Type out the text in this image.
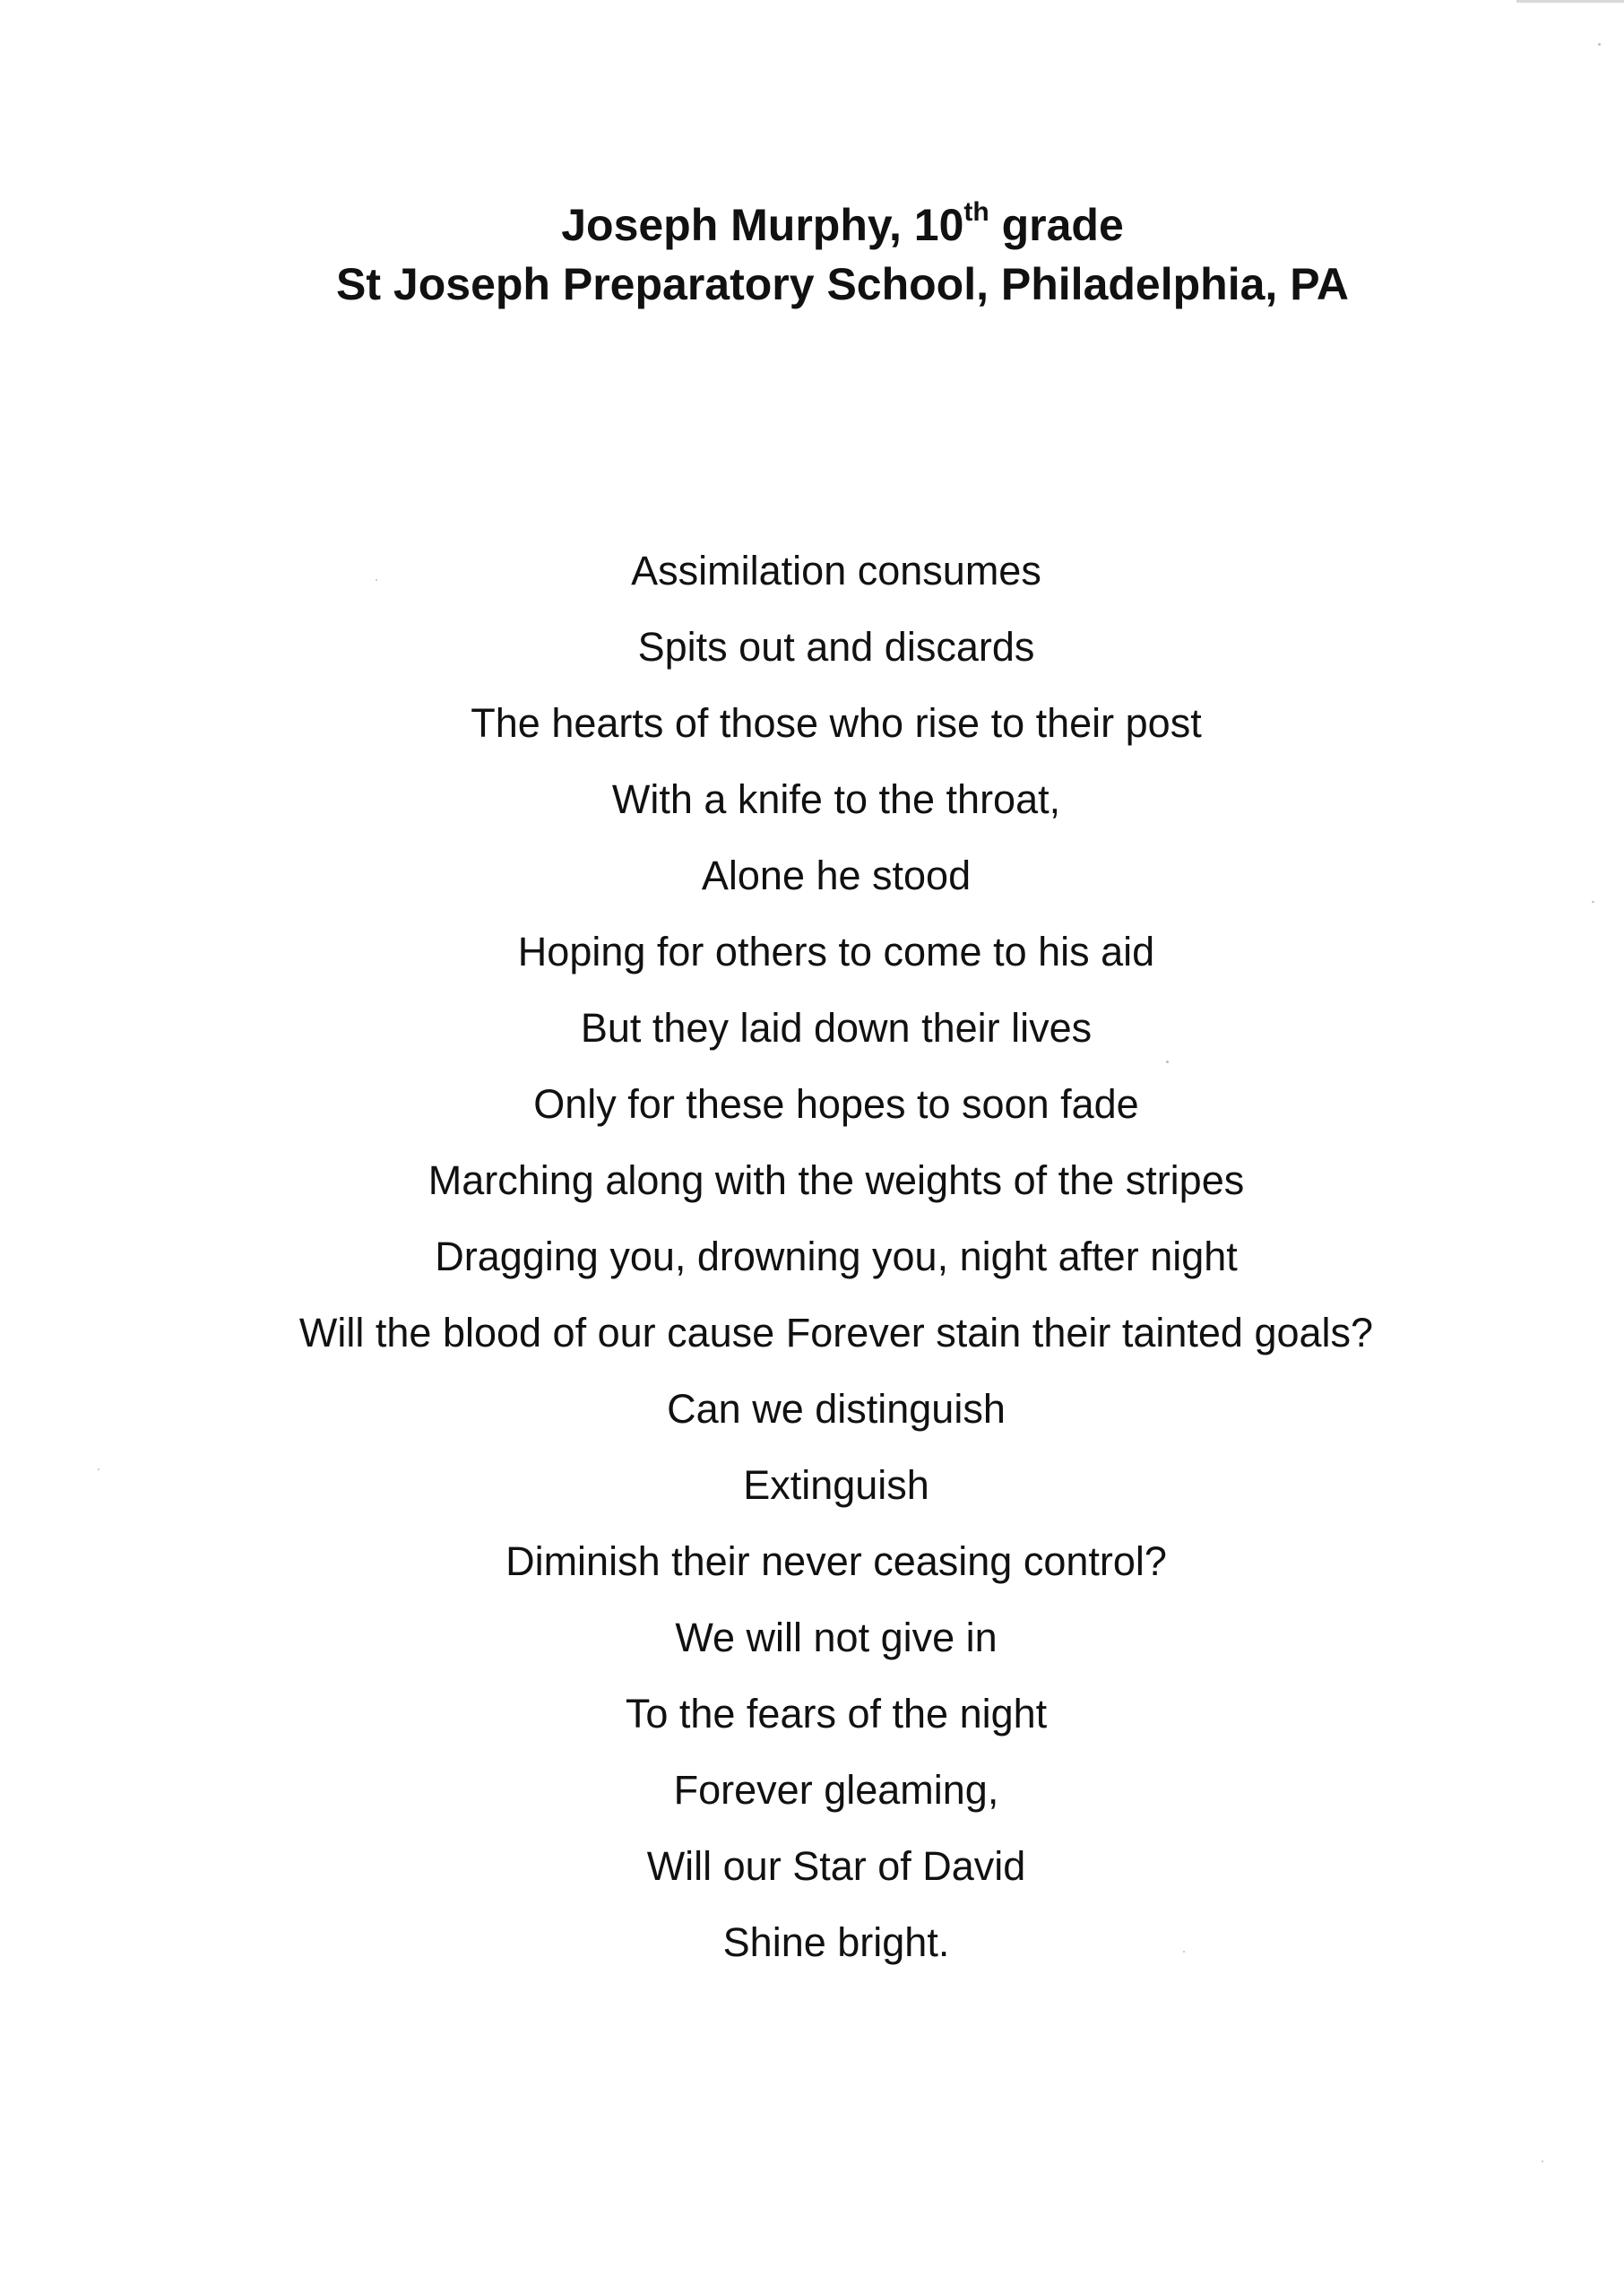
Joseph Murphy, 10th grade
St Joseph Preparatory School, Philadelphia, PA
Assimilation consumes
Spits out and discards
The hearts of those who rise to their post
With a knife to the throat,
Alone he stood
Hoping for others to come to his aid
But they laid down their lives
Only for these hopes to soon fade
Marching along with the weights of the stripes
Dragging you, drowning you, night after night
Will the blood of our cause Forever stain their tainted goals?
Can we distinguish
Extinguish
Diminish their never ceasing control?
We will not give in
To the fears of the night
Forever gleaming,
Will our Star of David
Shine bright.
